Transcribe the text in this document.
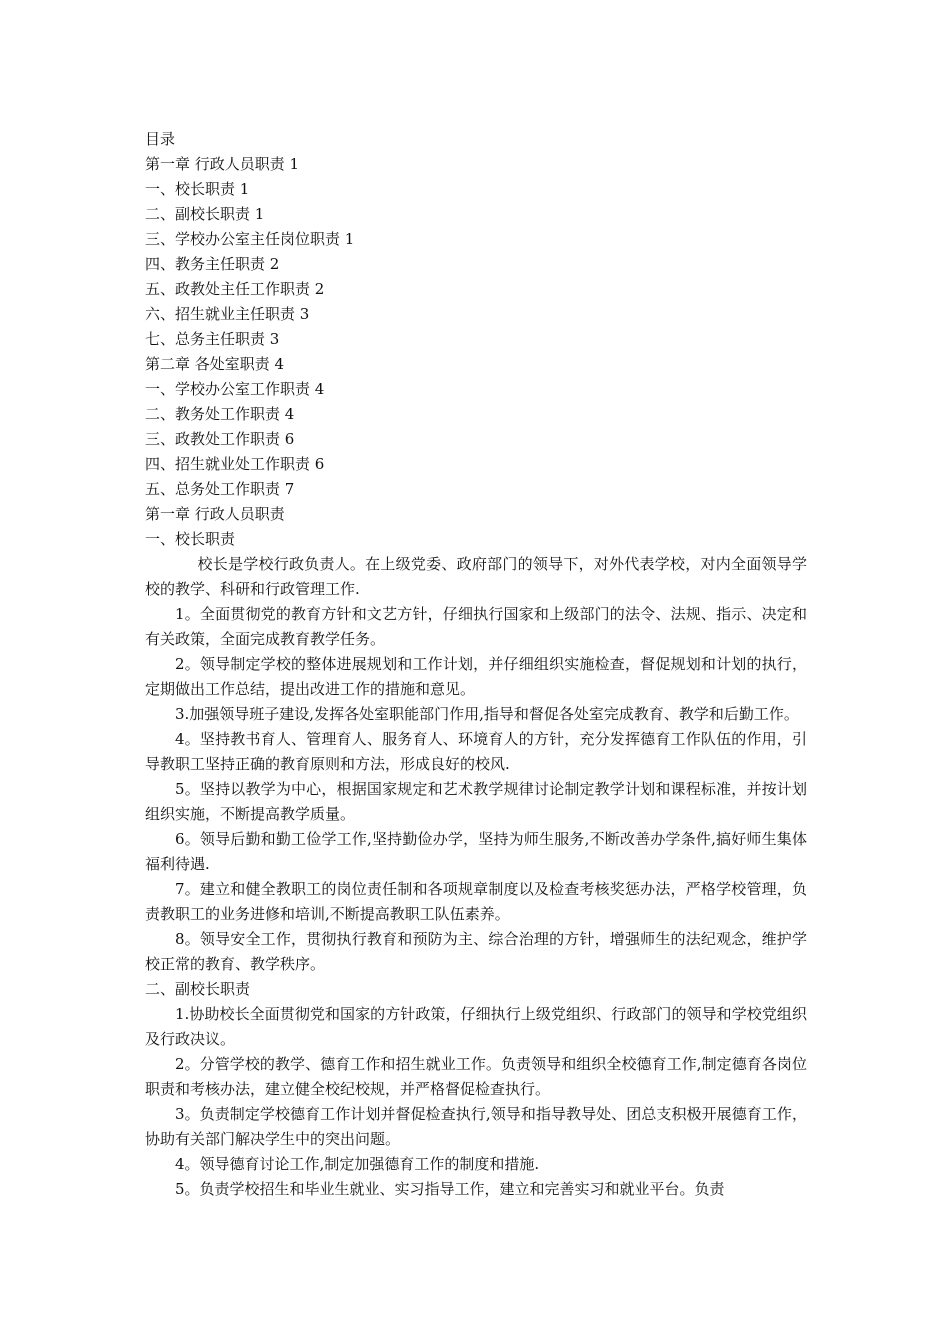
目录
第一章 行政人员职责 1
一、校长职责 1
二、副校长职责 1
三、学校办公室主任岗位职责 1
四、教务主任职责 2
五、政教处主任工作职责 2
六、招生就业主任职责 3
七、总务主任职责 3
第二章 各处室职责 4
一、学校办公室工作职责 4
二、教务处工作职责 4
三、政教处工作职责 6
四、招生就业处工作职责 6
五、总务处工作职责 7
第一章 行政人员职责
一、校长职责

校长是学校行政负责人。在上级党委、政府部门的领导下，对外代表学校，对内全面领导学校的教学、科研和行政管理工作.

1。全面贯彻党的教育方针和文艺方针，仔细执行国家和上级部门的法令、法规、指示、决定和有关政策，全面完成教育教学任务。

2。领导制定学校的整体进展规划和工作计划，并仔细组织实施检查，督促规划和计划的执行，定期做出工作总结，提出改进工作的措施和意见。

3.加强领导班子建设,发挥各处室职能部门作用,指导和督促各处室完成教育、教学和后勤工作。

4。坚持教书育人、管理育人、服务育人、环境育人的方针，充分发挥德育工作队伍的作用，引导教职工坚持正确的教育原则和方法，形成良好的校风.

5。坚持以教学为中心，根据国家规定和艺术教学规律讨论制定教学计划和课程标准，并按计划组织实施，不断提高教学质量。

6。领导后勤和勤工俭学工作,坚持勤俭办学，坚持为师生服务,不断改善办学条件,搞好师生集体福利待遇.

7。建立和健全教职工的岗位责任制和各项规章制度以及检查考核奖惩办法，严格学校管理，负责教职工的业务进修和培训,不断提高教职工队伍素养。

8。领导安全工作，贯彻执行教育和预防为主、综合治理的方针，增强师生的法纪观念，维护学校正常的教育、教学秩序。

二、副校长职责

1.协助校长全面贯彻党和国家的方针政策，仔细执行上级党组织、行政部门的领导和学校党组织及行政决议。

2。分管学校的教学、德育工作和招生就业工作。负责领导和组织全校德育工作,制定德育各岗位职责和考核办法，建立健全校纪校规，并严格督促检查执行。

3。负责制定学校德育工作计划并督促检查执行,领导和指导教导处、团总支积极开展德育工作，协助有关部门解决学生中的突出问题。

4。领导德育讨论工作,制定加强德育工作的制度和措施.

5。负责学校招生和毕业生就业、实习指导工作，建立和完善实习和就业平台。负责
